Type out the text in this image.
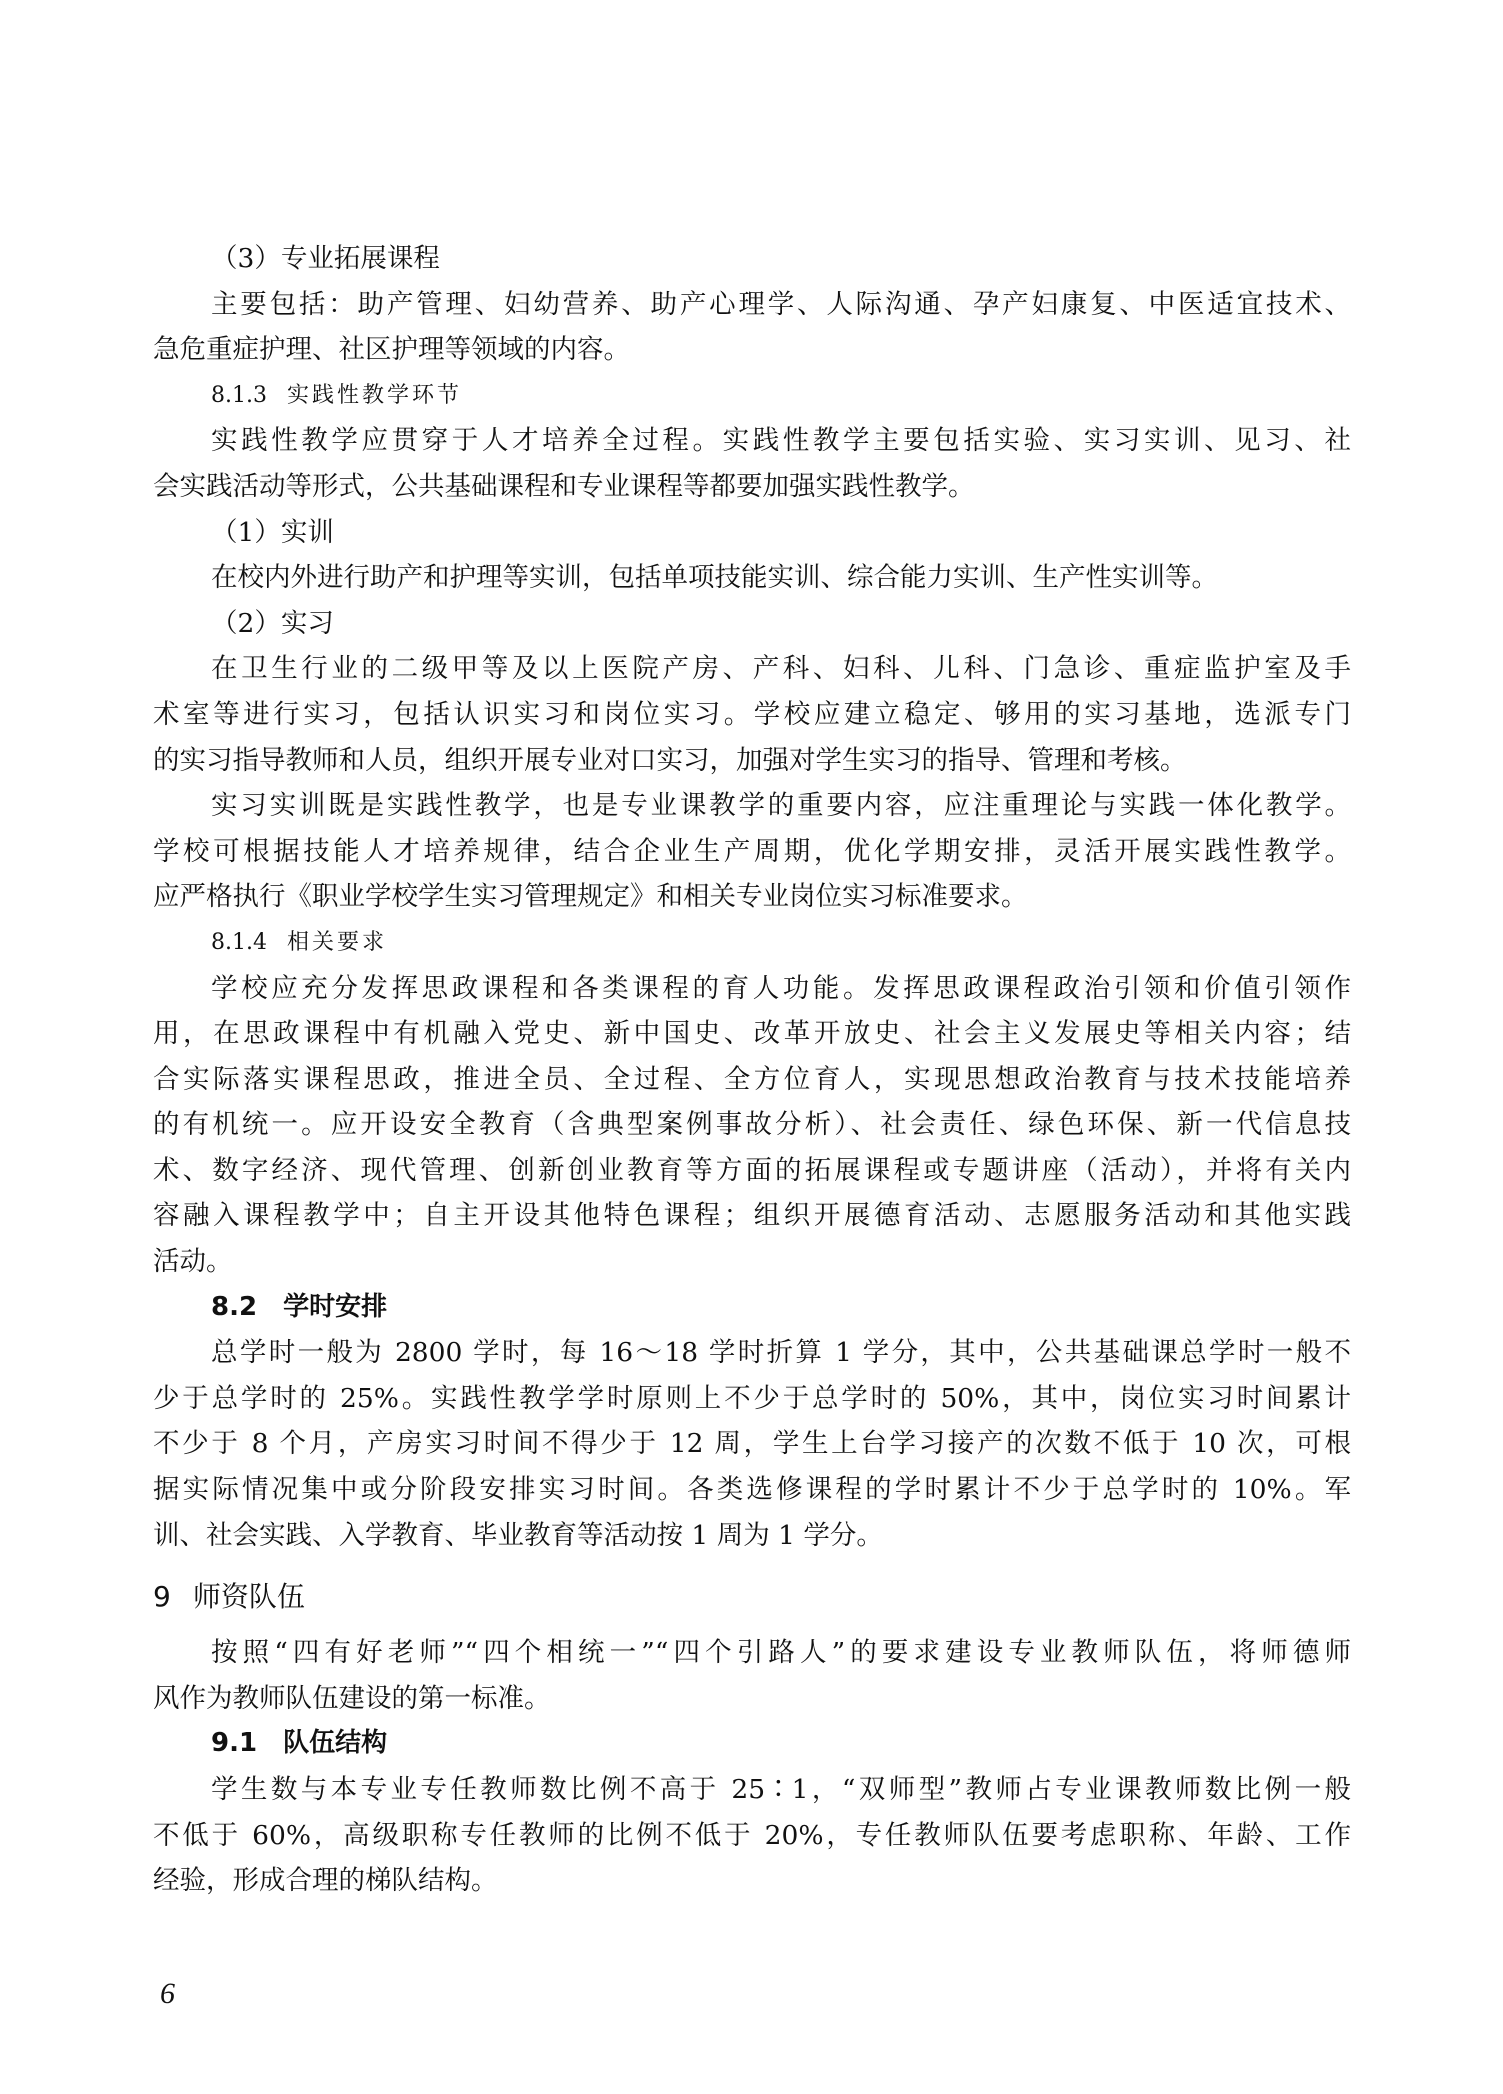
（3）专业拓展课程
主要包括：助产管理、妇幼营养、助产心理学、人际沟通、孕产妇康复、中医适宜技术、
急危重症护理、社区护理等领域的内容。
8.1.3 实践性教学环节
实践性教学应贯穿于人才培养全过程。实践性教学主要包括实验、实习实训、见习、社
会实践活动等形式，公共基础课程和专业课程等都要加强实践性教学。
（1）实训
在校内外进行助产和护理等实训，包括单项技能实训、综合能力实训、生产性实训等。
（2）实习
在卫生行业的二级甲等及以上医院产房、产科、妇科、儿科、门急诊、重症监护室及手
术室等进行实习，包括认识实习和岗位实习。学校应建立稳定、够用的实习基地，选派专门
的实习指导教师和人员，组织开展专业对口实习，加强对学生实习的指导、管理和考核。
实习实训既是实践性教学，也是专业课教学的重要内容，应注重理论与实践一体化教学。
学校可根据技能人才培养规律，结合企业生产周期，优化学期安排，灵活开展实践性教学。
应严格执行《职业学校学生实习管理规定》和相关专业岗位实习标准要求。
8.1.4 相关要求
学校应充分发挥思政课程和各类课程的育人功能。发挥思政课程政治引领和价值引领作
用，在思政课程中有机融入党史、新中国史、改革开放史、社会主义发展史等相关内容；结
合实际落实课程思政，推进全员、全过程、全方位育人，实现思想政治教育与技术技能培养
的有机统一。应开设安全教育（含典型案例事故分析）、社会责任、绿色环保、新一代信息技
术、数字经济、现代管理、创新创业教育等方面的拓展课程或专题讲座（活动），并将有关内
容融入课程教学中；自主开设其他特色课程；组织开展德育活动、志愿服务活动和其他实践
活动。
8.2 学时安排
总学时一般为 2800 学时，每 16～18 学时折算 1 学分，其中，公共基础课总学时一般不
少于总学时的 25%。实践性教学学时原则上不少于总学时的 50%，其中，岗位实习时间累计
不少于 8 个月，产房实习时间不得少于 12 周，学生上台学习接产的次数不低于 10 次，可根
据实际情况集中或分阶段安排实习时间。各类选修课程的学时累计不少于总学时的 10%。军
训、社会实践、入学教育、毕业教育等活动按 1 周为 1 学分。
9 师资队伍
按照“四有好老师”“四个相统一”“四个引路人”的要求建设专业教师队伍，将师德师
风作为教师队伍建设的第一标准。
9.1 队伍结构
学生数与本专业专任教师数比例不高于 25∶1，“双师型”教师占专业课教师数比例一般
不低于 60%，高级职称专任教师的比例不低于 20%，专任教师队伍要考虑职称、年龄、工作
经验，形成合理的梯队结构。
6
